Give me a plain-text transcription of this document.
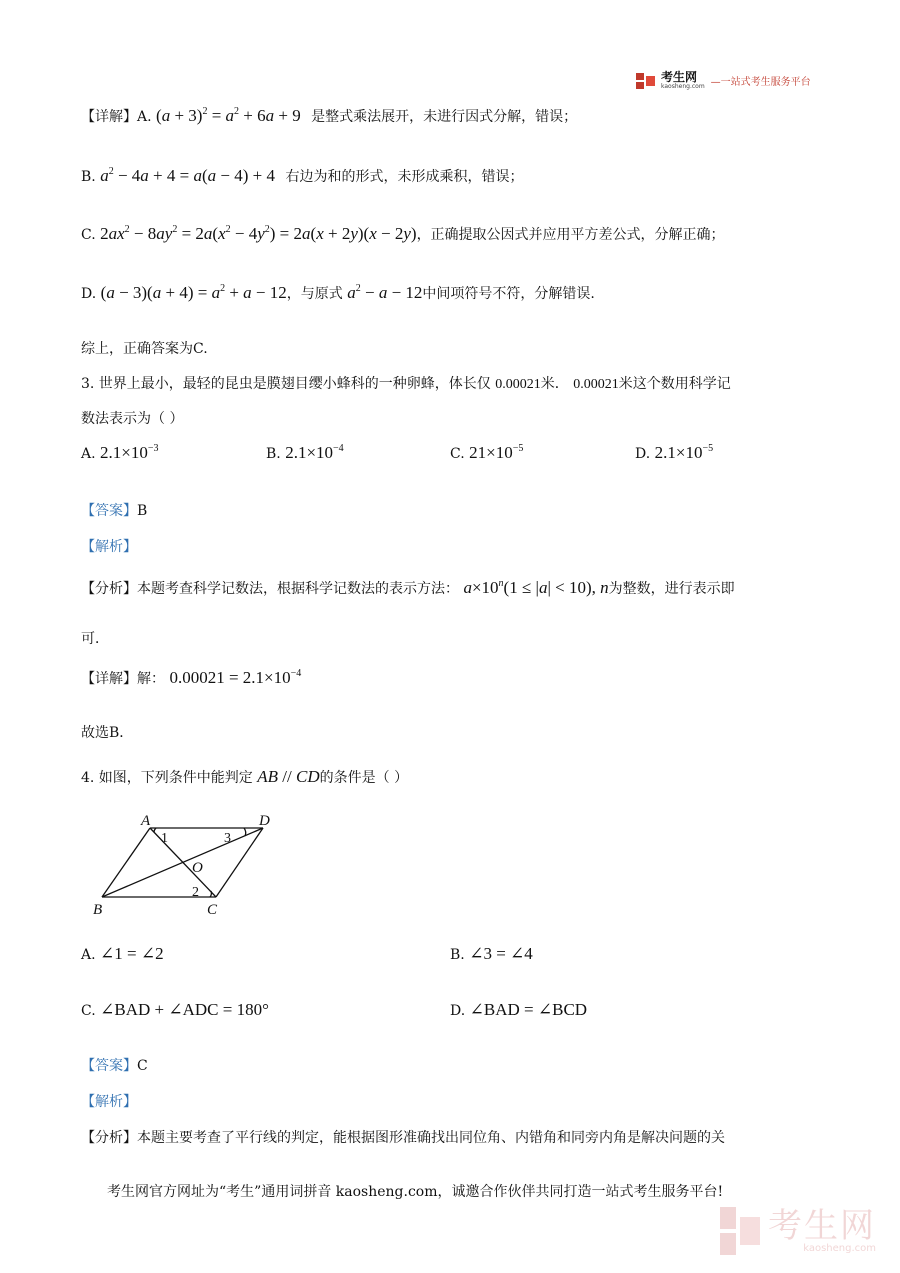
考生网
kaosheng.com —一站式考生服务平台
【详解】A. $(a + 3)^2 = a^2 + 6a + 9$ 是整式乘法展开，未进行因式分解，错误；
B. $a^2 - 4a + 4 = a(a - 4) + 4$ 右边为和的形式，未形成乘积，错误；
C. $2ax^2 - 8ay^2 = 2a(x^2 - 4y^2) = 2a(x + 2y)(x - 2y)$，正确提取公因式并应用平方差公式，分解正确；
D. $(a - 3)(a + 4) = a^2 + a - 12$，与原式 $a^2 - a - 12$中间项符号不符，分解错误.
综上，正确答案为C.
3. 世界上最小，最轻的昆虫是膜翅目缨小蜂科的一种卵蜂，体长仅 0.00021米． 0.00021米这个数用科学记
数法表示为（ ）
A. $2.1\times 10^{-3}$	B. $2.1\times 10^{-4}$	C. $21\times 10^{-5}$	D. $2.1\times 10^{-5}$
【答案】B
【解析】
【分析】本题考查科学记数法，根据科学记数法的表示方法： $a\times 10^n(1 \le |a| < 10)$, n为整数，进行表示即
可．
【详解】解： $0.00021 = 2.1\times 10^{-4}$
故选B．
4. 如图，下列条件中能判定 AB // CD的条件是（ ）
A	D
B	C
O
1	3
2
A. ∠1 = ∠2	B. ∠3 = ∠4
C. ∠BAD + ∠ADC = 180°	D. ∠BAD = ∠BCD
【答案】C
【解析】
【分析】本题主要考查了平行线的判定，能根据图形准确找出同位角、内错角和同旁内角是解决问题的关
考生网官方网址为“考生”通用词拼音 kaosheng.com，诚邀合作伙伴共同打造一站式考生服务平台!
考生网
kaosheng.com
